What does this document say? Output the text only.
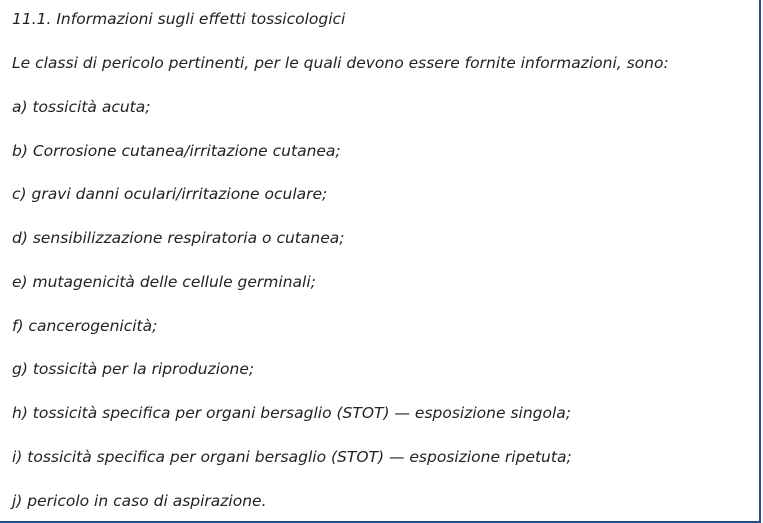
11.1. Informazioni sugli effetti tossicologici

Le classi di pericolo pertinenti, per le quali devono essere fornite informazioni, sono:

a) tossicità acuta;

b) Corrosione cutanea/irritazione cutanea;

c) gravi danni oculari/irritazione oculare;

d) sensibilizzazione respiratoria o cutanea;

e) mutagenicità delle cellule germinali;

f) cancerogenicità;

g) tossicità per la riproduzione;

h) tossicità specifica per organi bersaglio (STOT) — esposizione singola;

i) tossicità specifica per organi bersaglio (STOT) — esposizione ripetuta;

j) pericolo in caso di aspirazione.
